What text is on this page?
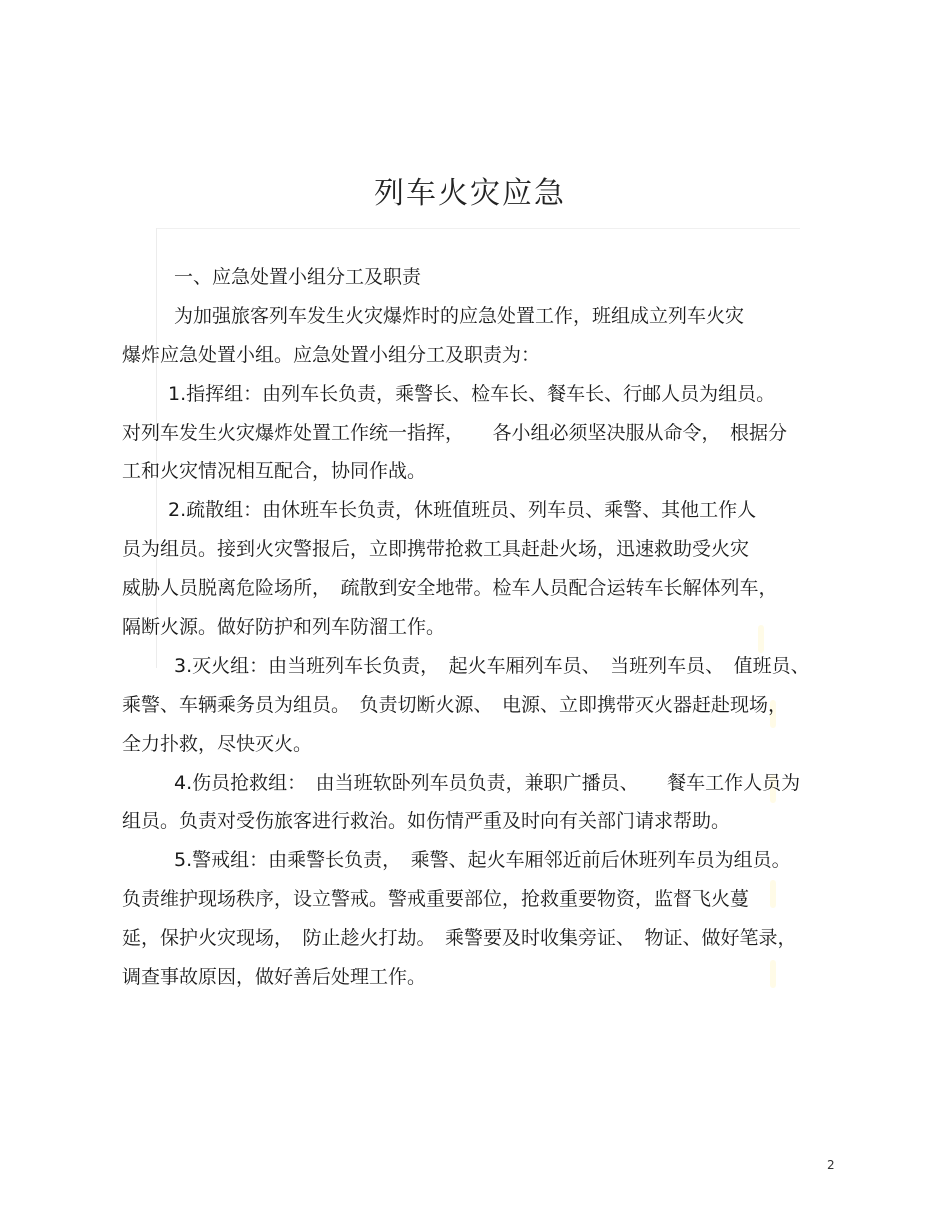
列车火灾应急
一、应急处置小组分工及职责
为加强旅客列车发生火灾爆炸时的应急处置工作，班组成立列车火灾
爆炸应急处置小组。应急处置小组分工及职责为：
1.指挥组：由列车长负责，乘警长、检车长、餐车长、行邮人员为组员。
对列车发生火灾爆炸处置工作统一指挥，　　各小组必须坚决服从命令，　根据分
工和火灾情况相互配合，协同作战。
2.疏散组：由休班车长负责，休班值班员、列车员、乘警、其他工作人
员为组员。接到火灾警报后，立即携带抢救工具赶赴火场，迅速救助受火灾
威胁人员脱离危险场所，　疏散到安全地带。检车人员配合运转车长解体列车，
隔断火源。做好防护和列车防溜工作。
3.灭火组：由当班列车长负责，　起火车厢列车员、　当班列车员、　值班员、
乘警、车辆乘务员为组员。　负责切断火源、　电源、立即携带灭火器赶赴现场，
全力扑救，尽快灭火。
4.伤员抢救组：　由当班软卧列车员负责，兼职广播员、　　餐车工作人员为
组员。负责对受伤旅客进行救治。如伤情严重及时向有关部门请求帮助。
5.警戒组：由乘警长负责，　乘警、起火车厢邻近前后休班列车员为组员。
负责维护现场秩序，设立警戒。警戒重要部位，抢救重要物资，监督飞火蔓
延，保护火灾现场，　防止趁火打劫。　乘警要及时收集旁证、　物证、做好笔录，
调查事故原因，做好善后处理工作。
2
